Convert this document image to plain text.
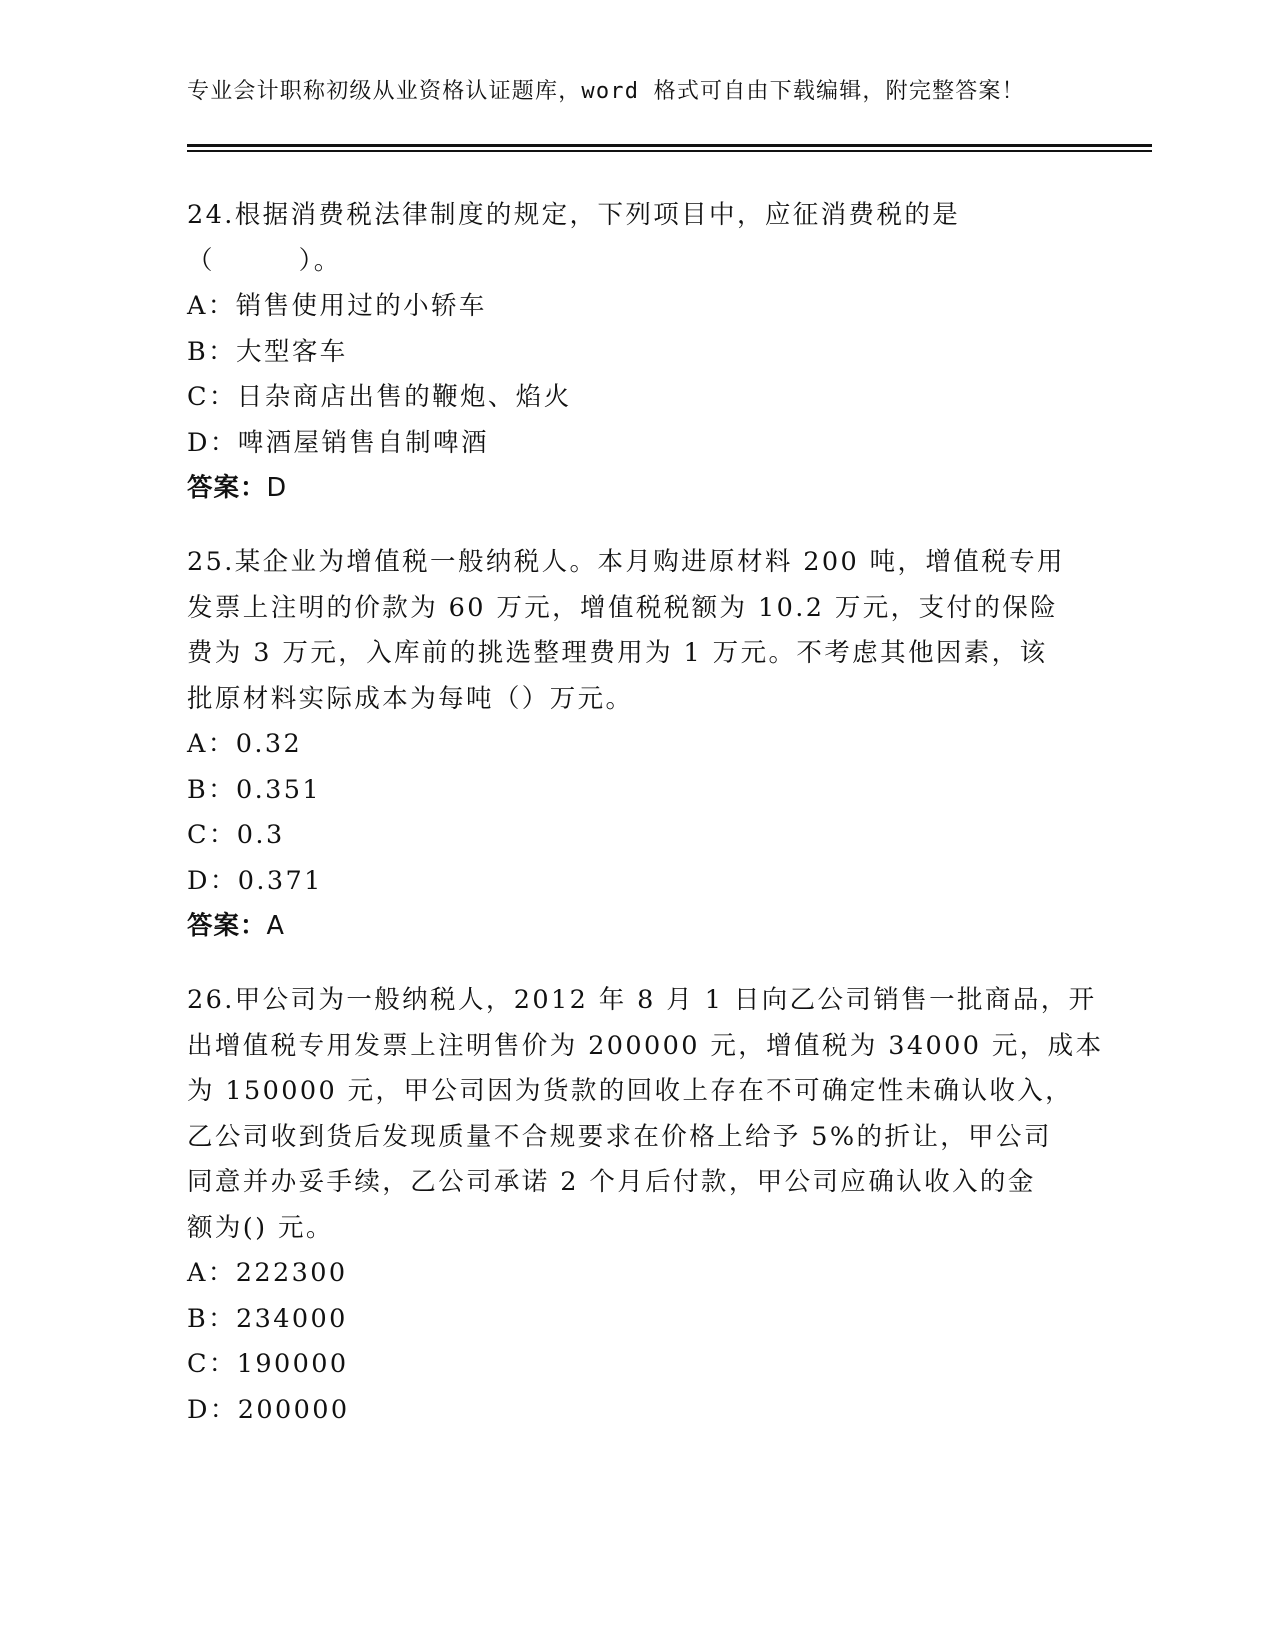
专业会计职称初级从业资格认证题库，word 格式可自由下载编辑，附完整答案！
24.根据消费税法律制度的规定，下列项目中，应征消费税的是
（　　　）。
A：销售使用过的小轿车
B：大型客车
C：日杂商店出售的鞭炮、焰火
D：啤酒屋销售自制啤酒
答案：D
25.某企业为增值税一般纳税人。本月购进原材料 200 吨，增值税专用
发票上注明的价款为 60 万元，增值税税额为 10.2 万元，支付的保险
费为 3 万元，入库前的挑选整理费用为 1 万元。不考虑其他因素，该
批原材料实际成本为每吨（）万元。
A：0.32
B：0.351
C：0.3
D：0.371
答案：A
26.甲公司为一般纳税人，2012 年 8 月 1 日向乙公司销售一批商品，开
出增值税专用发票上注明售价为 200000 元，增值税为 34000 元，成本
为 150000 元，甲公司因为货款的回收上存在不可确定性未确认收入，
乙公司收到货后发现质量不合规要求在价格上给予 5%的折让，甲公司
同意并办妥手续，乙公司承诺 2 个月后付款，甲公司应确认收入的金
额为() 元。
A：222300
B：234000
C：190000
D：200000
